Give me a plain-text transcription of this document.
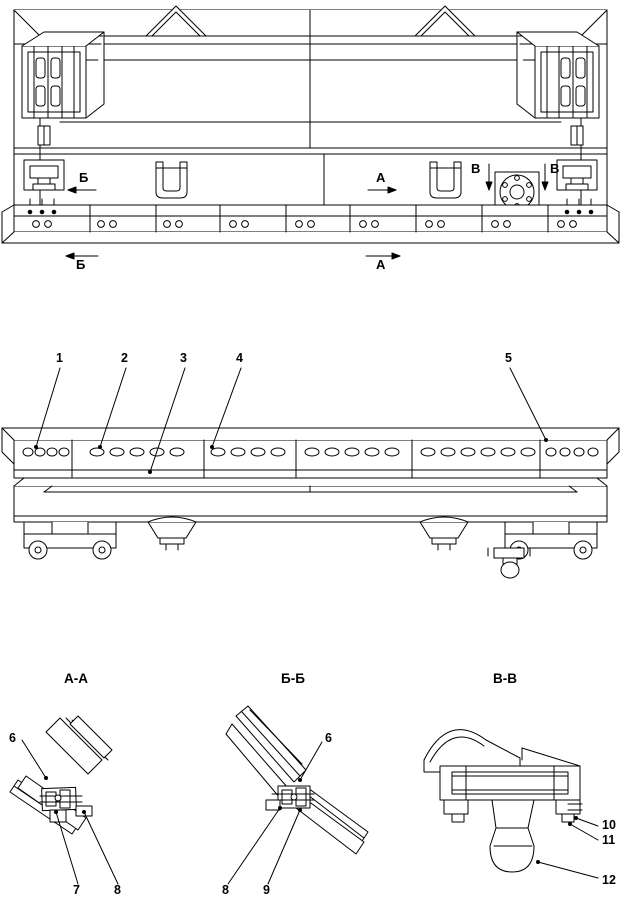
Б	А
В	В
Б	А
1	2	3	4	5
А-А	Б-Б	В-В
6
7	8
6
8	9
10
11
12
